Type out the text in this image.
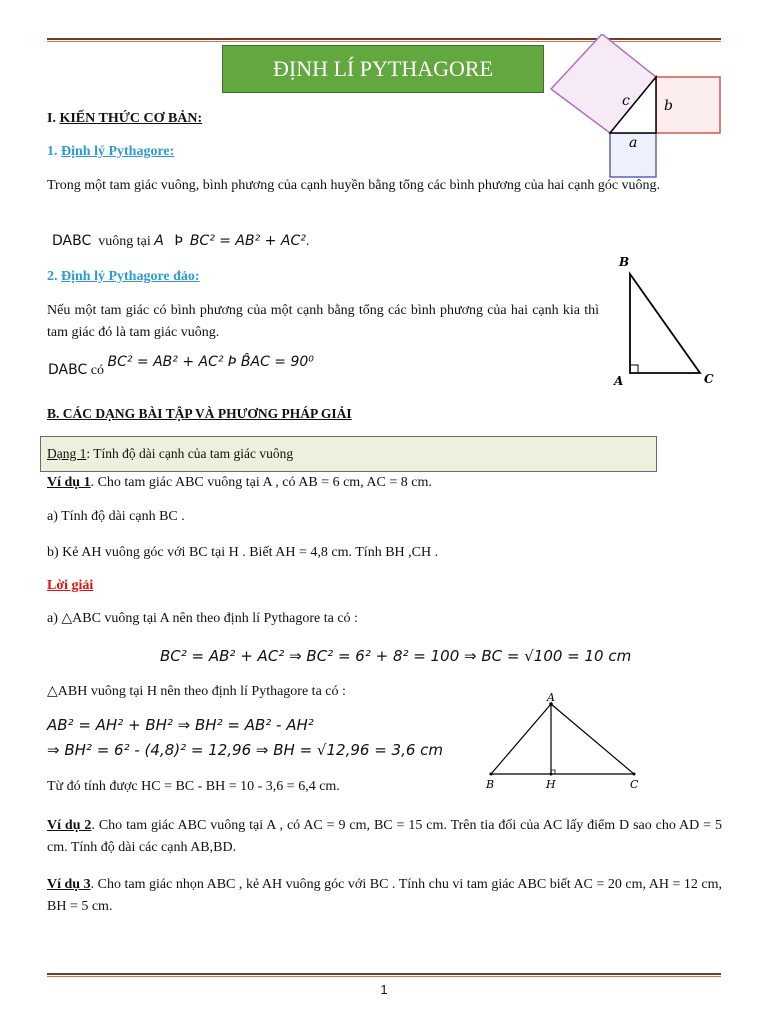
ĐỊNH LÍ PYTHAGORE
c b
a
I. KIẾN THỨC CƠ BẢN:
1. Định lý Pythagore:
Trong một tam giác vuông, bình phương của cạnh huyền bằng tổng các bình phương của hai cạnh góc vuông.
DABC vuông tại A Þ BC² = AB² + AC².
2. Định lý Pythagore đảo:
Nếu một tam giác có bình phương của một cạnh bằng tổng các bình phương của hai cạnh kia thì tam giác đó là tam giác vuông.
DABC có BC² = AB² + AC² Þ B̂AC = 90⁰
B
A	C
B. CÁC DẠNG BÀI TẬP VÀ PHƯƠNG PHÁP GIẢI
Dạng 1: Tính độ dài cạnh của tam giác vuông
Ví dụ 1. Cho tam giác ABC vuông tại A , có AB = 6 cm, AC = 8 cm.
a) Tính độ dài cạnh BC .
b) Kẻ AH vuông góc với BC tại H . Biết AH = 4,8 cm. Tính BH ,CH .
Lời giải
a) △ABC vuông tại A nên theo định lí Pythagore ta có :
BC² = AB² + AC² ⇒ BC² = 6² + 8² = 100 ⇒ BC = √100 = 10 cm
△ABH vuông tại H nên theo định lí Pythagore ta có :
AB² = AH² + BH² ⇒ BH² = AB² - AH²
⇒ BH² = 6² - (4,8)² = 12,96 ⇒ BH = √12,96 = 3,6 cm
Từ đó tính được HC = BC - BH = 10 - 3,6 = 6,4 cm.
A
B	H	C
Ví dụ 2. Cho tam giác ABC vuông tại A , có AC = 9 cm, BC = 15 cm. Trên tia đối của AC lấy điểm D sao cho AD = 5 cm. Tính độ dài các cạnh AB,BD.
Ví dụ 3. Cho tam giác nhọn ABC , kẻ AH vuông góc với BC . Tính chu vi tam giác ABC biết AC = 20 cm, AH = 12 cm, BH = 5 cm.
1
